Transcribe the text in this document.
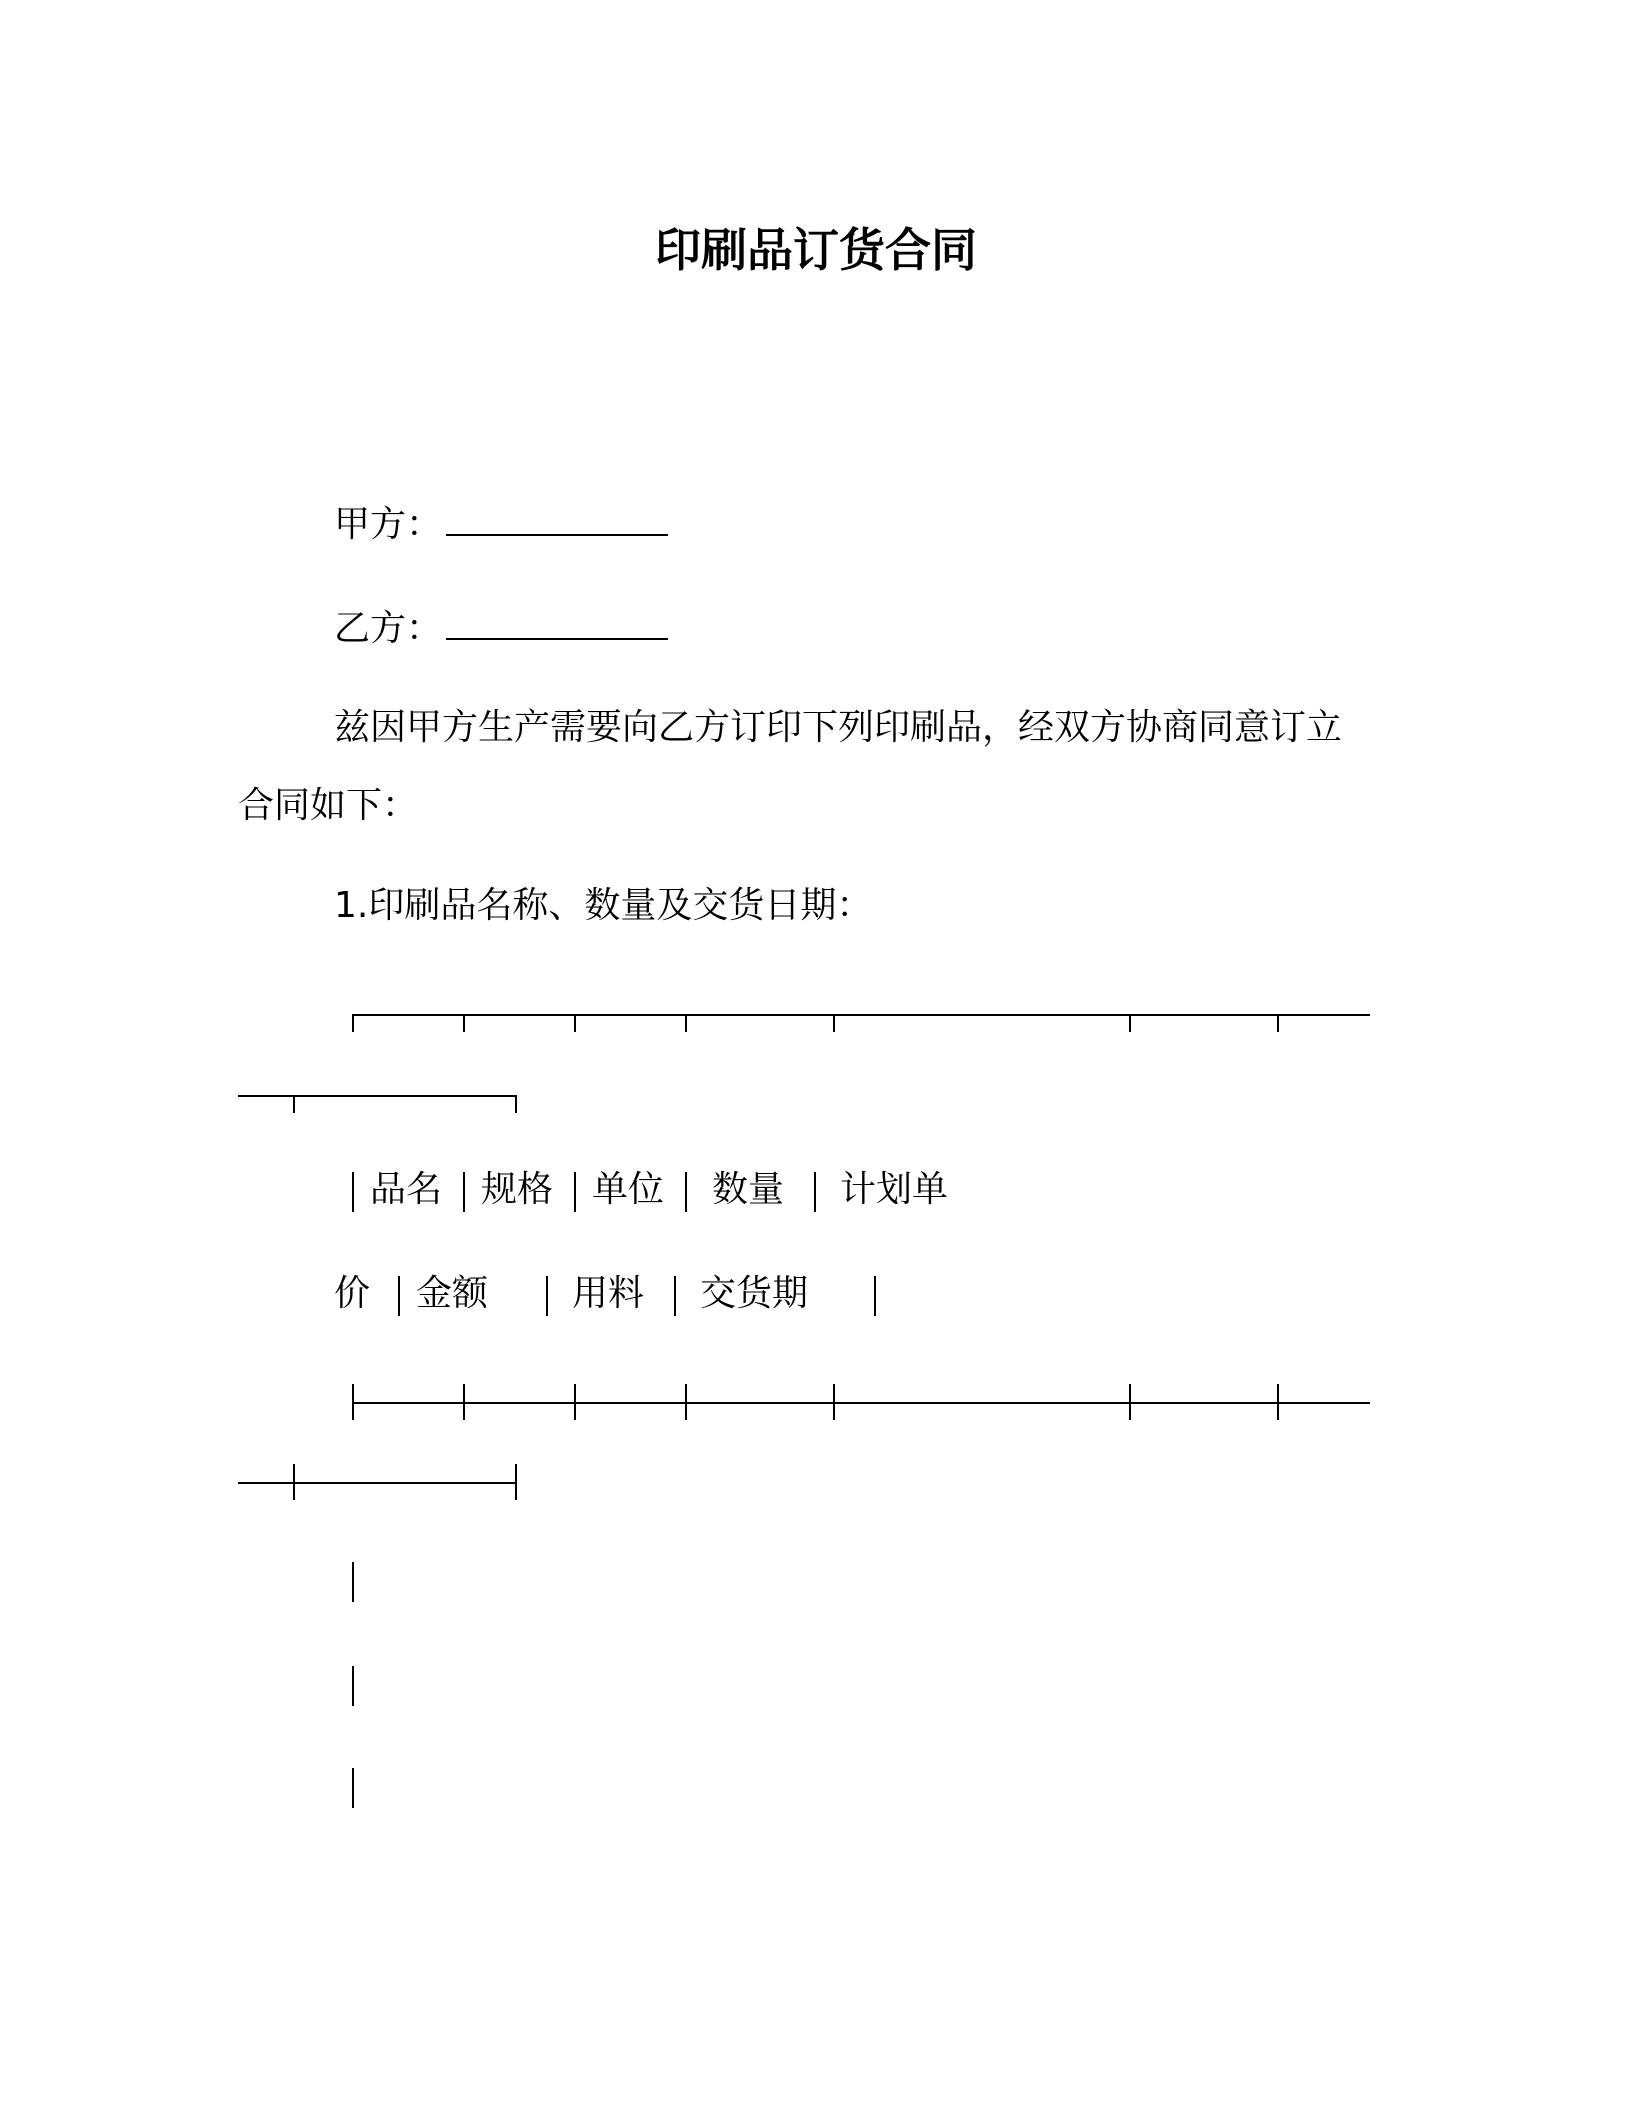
印刷品订货合同
甲方：
乙方：
兹因甲方生产需要向乙方订印下列印刷品，经双方协商同意订立
合同如下：
1.印刷品名称、数量及交货日期：
品名 规格 单位 数量 计划单
价 金额 用料 交货期
